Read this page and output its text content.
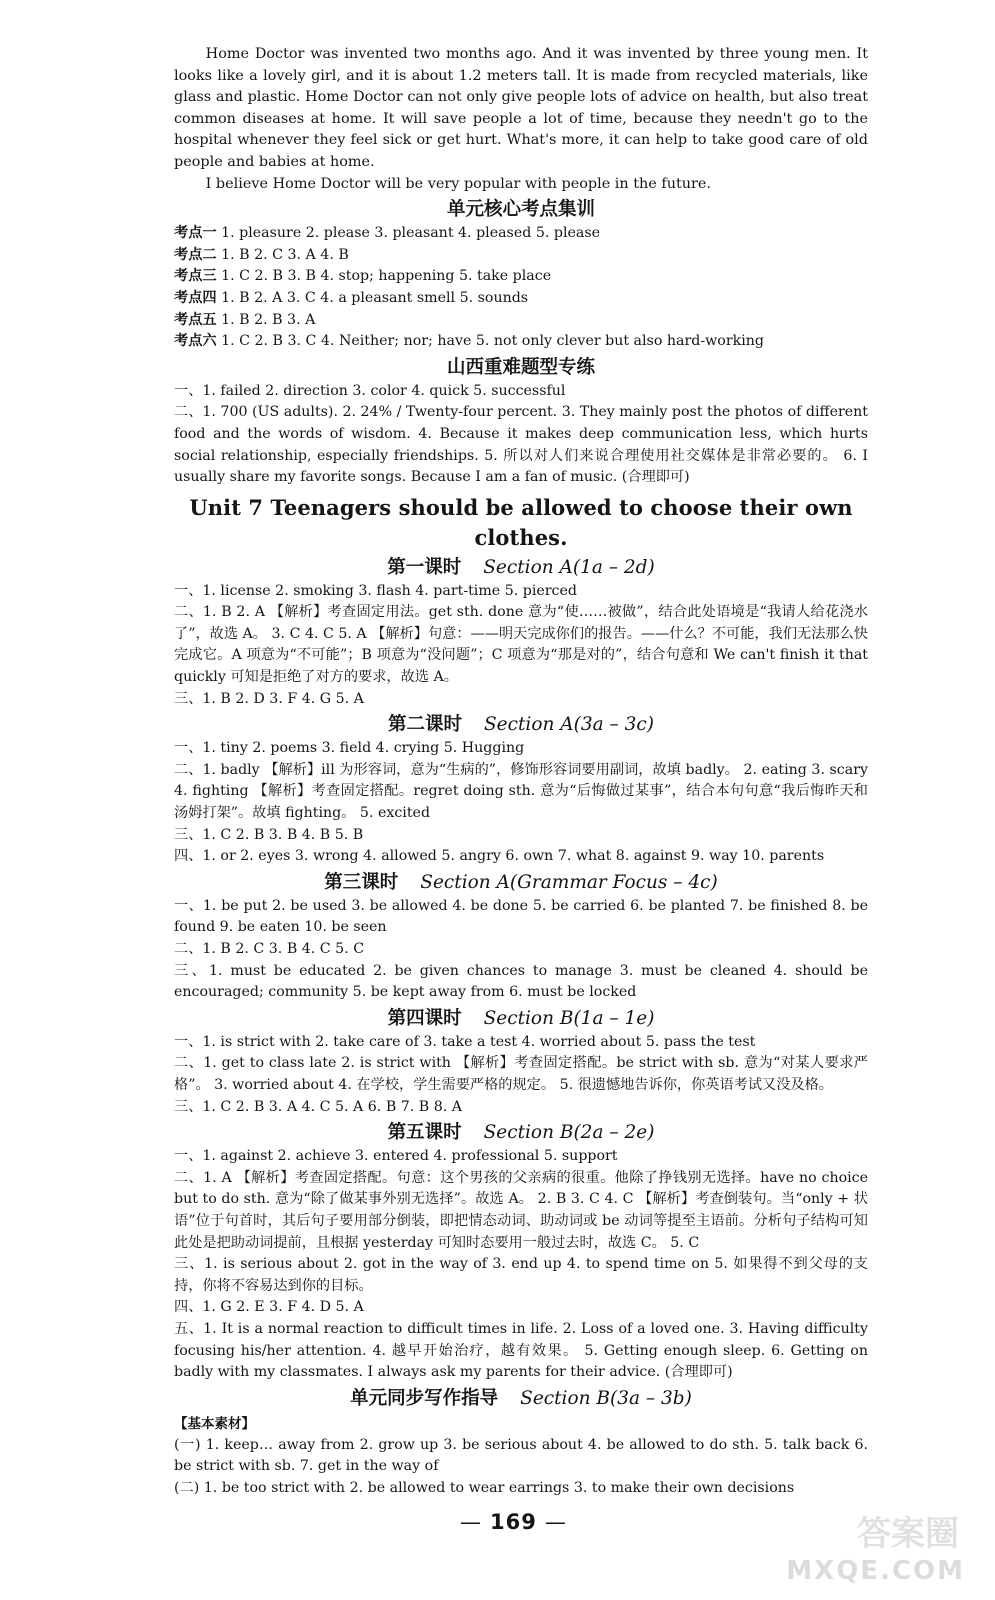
Home Doctor was invented two months ago. And it was invented by three young men. It looks like a lovely girl, and it is about 1.2 meters tall. It is made from recycled materials, like glass and plastic. Home Doctor can not only give people lots of advice on health, but also treat common diseases at home. It will save people a lot of time, because they needn't go to the hospital whenever they feel sick or get hurt. What's more, it can help to take good care of old people and babies at home.

I believe Home Doctor will be very popular with people in the future.

单元核心考点集训

考点一 1. pleasure 2. please 3. pleasant 4. pleased 5. please

考点二 1. B 2. C 3. A 4. B

考点三 1. C 2. B 3. B 4. stop; happening 5. take place

考点四 1. B 2. A 3. C 4. a pleasant smell 5. sounds

考点五 1. B 2. B 3. A

考点六 1. C 2. B 3. C 4. Neither; nor; have 5. not only clever but also hard-working

山西重难题型专练

一、1. failed 2. direction 3. color 4. quick 5. successful

二、1. 700 (US adults). 2. 24% / Twenty-four percent. 3. They mainly post the photos of different food and the words of wisdom. 4. Because it makes deep communication less, which hurts social relationship, especially friendships. 5. 所以对人们来说合理使用社交媒体是非常必要的。 6. I usually share my favorite songs. Because I am a fan of music. (合理即可)

Unit 7 Teenagers should be allowed to choose their own clothes.
第一课时 Section A(1a – 2d)

一、1. license 2. smoking 3. flash 4. part-time 5. pierced

二、1. B 2. A 【解析】考查固定用法。get sth. done 意为“使……被做”，结合此处语境是“我请人给花浇水了”，故选 A。 3. C 4. C 5. A 【解析】句意：——明天完成你们的报告。——什么？不可能，我们无法那么快完成它。A 项意为“不可能”；B 项意为“没问题”；C 项意为“那是对的”，结合句意和 We can't finish it that quickly 可知是拒绝了对方的要求，故选 A。

三、1. B 2. D 3. F 4. G 5. A

第二课时 Section A(3a – 3c)

一、1. tiny 2. poems 3. field 4. crying 5. Hugging

二、1. badly 【解析】ill 为形容词，意为“生病的”，修饰形容词要用副词，故填 badly。 2. eating 3. scary 4. fighting 【解析】考查固定搭配。regret doing sth. 意为“后悔做过某事”，结合本句句意“我后悔昨天和汤姆打架”。故填 fighting。 5. excited

三、1. C 2. B 3. B 4. B 5. B

四、1. or 2. eyes 3. wrong 4. allowed 5. angry 6. own 7. what 8. against 9. way 10. parents

第三课时 Section A(Grammar Focus – 4c)

一、1. be put 2. be used 3. be allowed 4. be done 5. be carried 6. be planted 7. be finished 8. be found 9. be eaten 10. be seen

二、1. B 2. C 3. B 4. C 5. C

三、1. must be educated 2. be given chances to manage 3. must be cleaned 4. should be encouraged; community 5. be kept away from 6. must be locked

第四课时 Section B(1a – 1e)

一、1. is strict with 2. take care of 3. take a test 4. worried about 5. pass the test

二、1. get to class late 2. is strict with 【解析】考查固定搭配。be strict with sb. 意为“对某人要求严格”。 3. worried about 4. 在学校，学生需要严格的规定。 5. 很遗憾地告诉你，你英语考试又没及格。

三、1. C 2. B 3. A 4. C 5. A 6. B 7. B 8. A

第五课时 Section B(2a – 2e)

一、1. against 2. achieve 3. entered 4. professional 5. support

二、1. A 【解析】考查固定搭配。句意：这个男孩的父亲病的很重。他除了挣钱别无选择。have no choice but to do sth. 意为“除了做某事外别无选择”。故选 A。 2. B 3. C 4. C 【解析】考查倒装句。当“only + 状语”位于句首时，其后句子要用部分倒装，即把情态动词、助动词或 be 动词等提至主语前。分析句子结构可知此处是把助动词提前，且根据 yesterday 可知时态要用一般过去时，故选 C。 5. C

三、1. is serious about 2. got in the way of 3. end up 4. to spend time on 5. 如果得不到父母的支持，你将不容易达到你的目标。

四、1. G 2. E 3. F 4. D 5. A

五、1. It is a normal reaction to difficult times in life. 2. Loss of a loved one. 3. Having difficulty focusing his/her attention. 4. 越早开始治疗，越有效果。 5. Getting enough sleep. 6. Getting on badly with my classmates. I always ask my parents for their advice. (合理即可)

单元同步写作指导 Section B(3a – 3b)
【基本素材】

(一) 1. keep… away from 2. grow up 3. be serious about 4. be allowed to do sth. 5. talk back 6. be strict with sb. 7. get in the way of

(二) 1. be too strict with 2. be allowed to wear earrings 3. to make their own decisions

— 169 —	答案圈
MXQE.COM
